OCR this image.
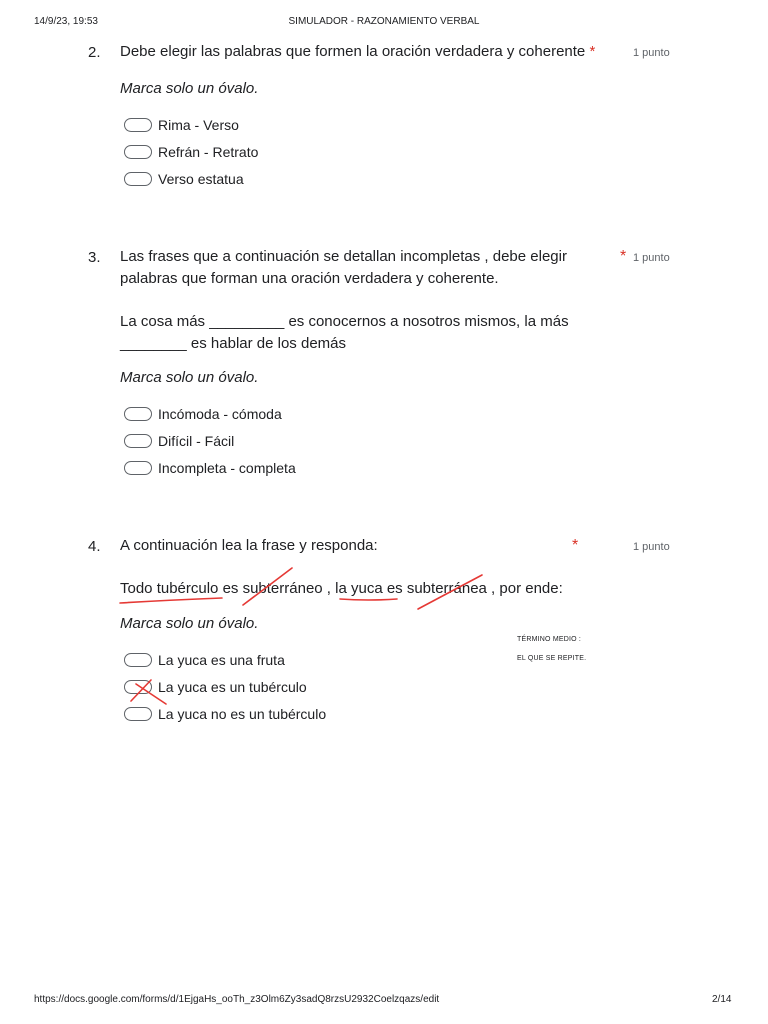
14/9/23, 19:53	SIMULADOR - RAZONAMIENTO VERBAL
2. Debe elegir las palabras que formen la oración verdadera y coherente *	1 punto
Marca solo un óvalo.
Rima - Verso
Refrán - Retrato
Verso estatua
3. Las frases que a continuación se detallan incompletas , debe elegir
palabras que forman una oración verdadera y coherente.
* 1 punto
La cosa más _________ es conocernos a nosotros mismos, la más
________ es hablar de los demás
Marca solo un óvalo.
Incómoda - cómoda
Difícil - Fácil
Incompleta - completa
4. A continuación lea la frase y responda:	*	1 punto
Todo tubérculo es subterráneo , la yuca es subterránea , por ende:
Marca solo un óvalo.
TÉRMINO MEDIO :
EL QUE SE REPITE.
La yuca es una fruta
La yuca es un tubérculo
La yuca no es un tubérculo
https://docs.google.com/forms/d/1EjgaHs_ooTh_z3Olm6Zy3sadQ8rzsU2932Coelzqazs/edit	2/14
